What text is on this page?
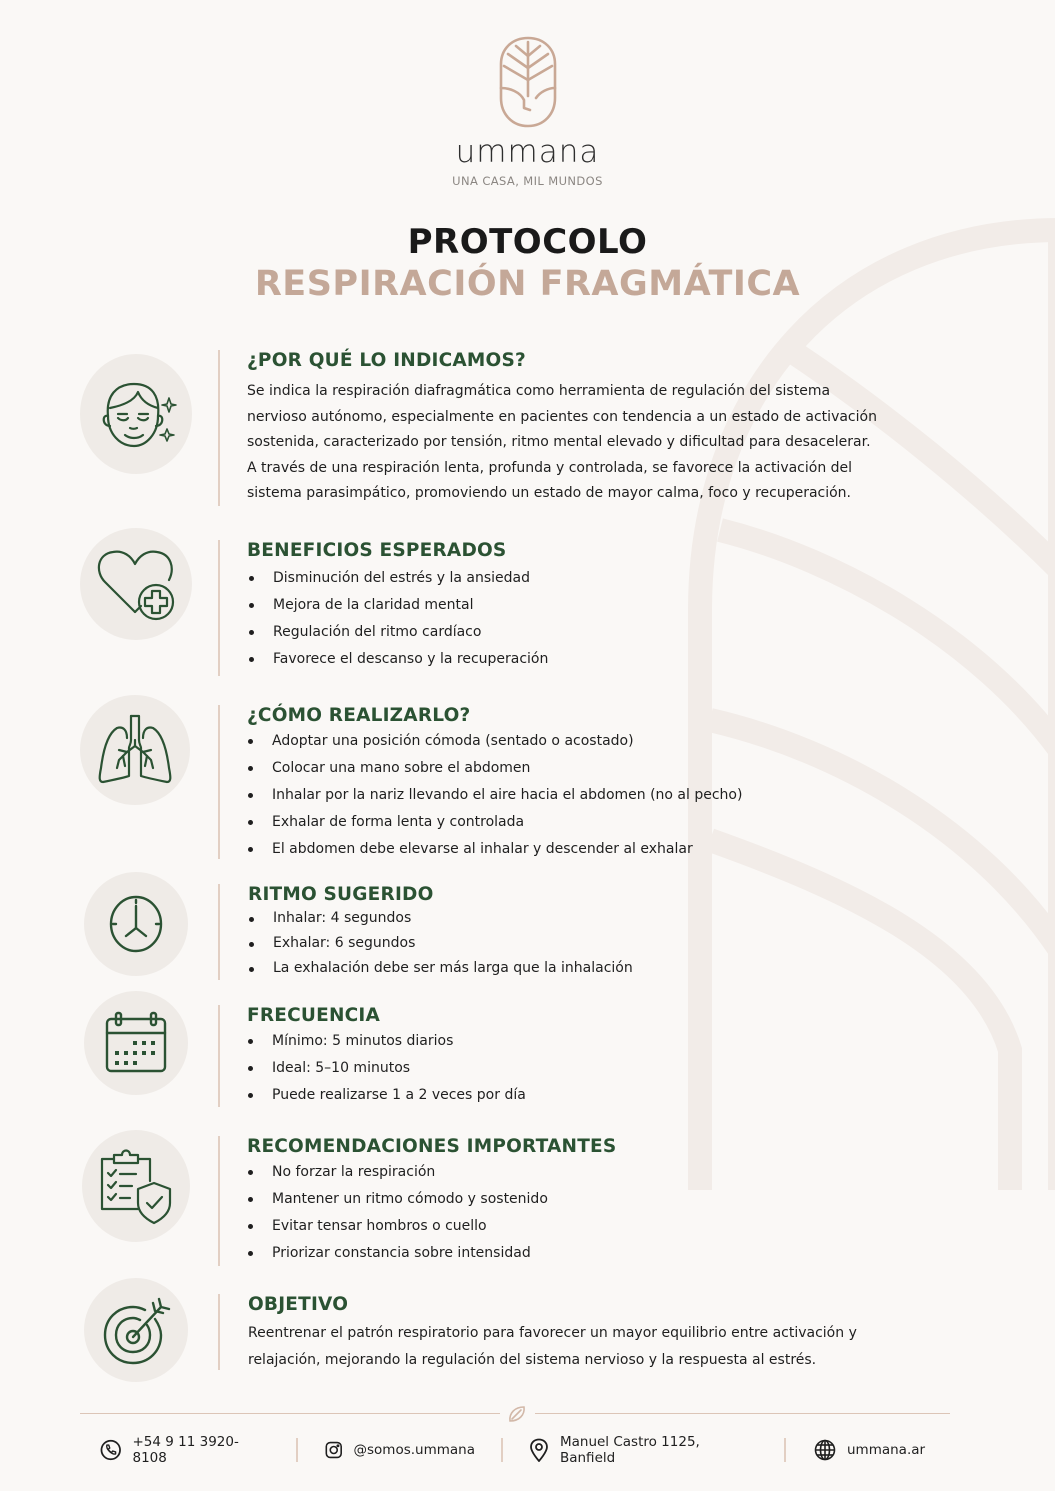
ummana
UNA CASA, MIL MUNDOS
PROTOCOLO
RESPIRACIÓN FRAGMÁTICA
¿POR QUÉ LO INDICAMOS?
Se indica la respiración diafragmática como herramienta de regulación del sistema
nervioso autónomo, especialmente en pacientes con tendencia a un estado de activación
sostenida, caracterizado por tensión, ritmo mental elevado y dificultad para desacelerar.
A través de una respiración lenta, profunda y controlada, se favorece la activación del
sistema parasimpático, promoviendo un estado de mayor calma, foco y recuperación.
BENEFICIOS ESPERADOS
Disminución del estrés y la ansiedad
Mejora de la claridad mental
Regulación del ritmo cardíaco
Favorece el descanso y la recuperación
¿CÓMO REALIZARLO?
Adoptar una posición cómoda (sentado o acostado)
Colocar una mano sobre el abdomen
Inhalar por la nariz llevando el aire hacia el abdomen (no al pecho)
Exhalar de forma lenta y controlada
El abdomen debe elevarse al inhalar y descender al exhalar
RITMO SUGERIDO
Inhalar: 4 segundos
Exhalar: 6 segundos
La exhalación debe ser más larga que la inhalación
FRECUENCIA
Mínimo: 5 minutos diarios
Ideal: 5–10 minutos
Puede realizarse 1 a 2 veces por día
RECOMENDACIONES IMPORTANTES
No forzar la respiración
Mantener un ritmo cómodo y sostenido
Evitar tensar hombros o cuello
Priorizar constancia sobre intensidad
OBJETIVO
Reentrenar el patrón respiratorio para favorecer un mayor equilibrio entre activación y
relajación, mejorando la regulación del sistema nervioso y la respuesta al estrés.
+54 9 11 3920-8108	@somos.ummana	Manuel Castro 1125, Banfield	ummana.ar
